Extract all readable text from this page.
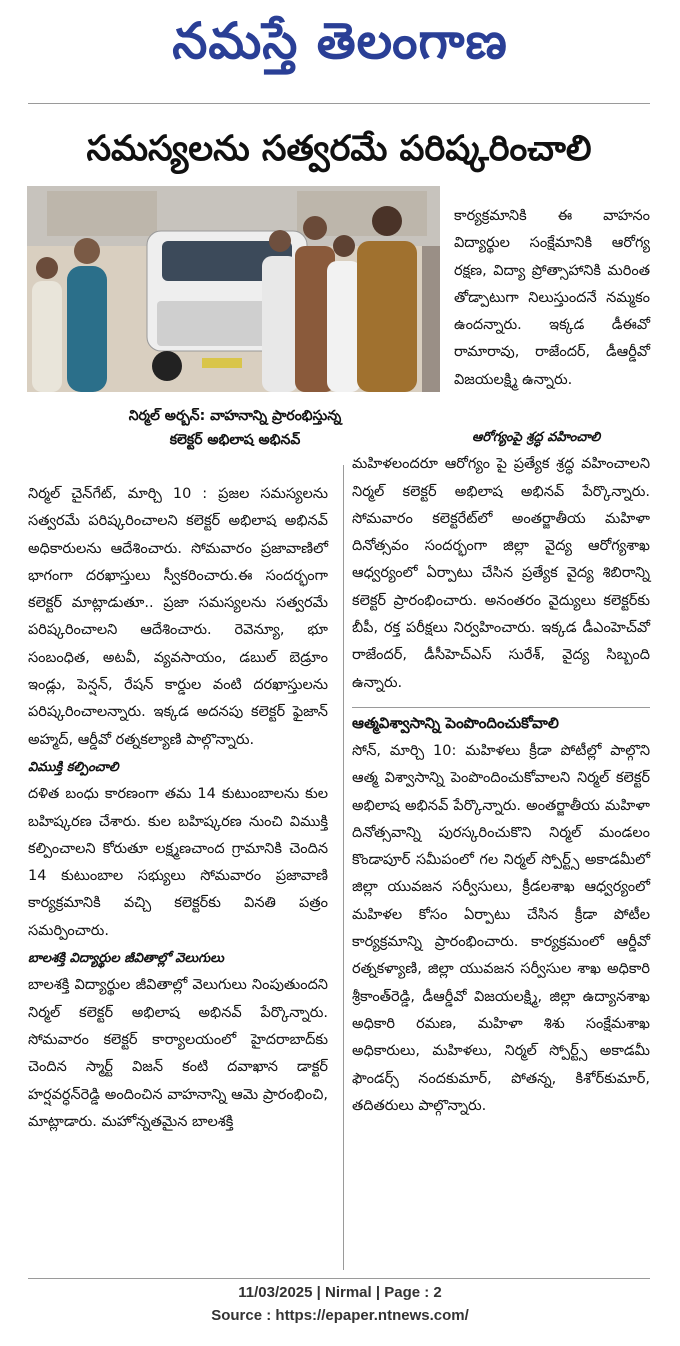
నమస్తే తెలంగాణ
సమస్యలను సత్వరమే పరిష్కరించాలి
నిర్మల్ అర్బన్: వాహనాన్ని ప్రారంభిస్తున్న
కలెక్టర్ అభిలాష అభినవ్

కార్యక్రమానికి ఈ వాహనం విద్యార్థుల సంక్షేమానికి ఆరోగ్య రక్షణ, విద్యా ప్రోత్సాహానికి మరింత తోడ్పాటుగా నిలుస్తుందనే నమ్మకం ఉందన్నారు. ఇక్కడ డీఈవో రామారావు, రాజేందర్, డీఆర్డీవో విజయలక్ష్మి ఉన్నారు.

నిర్మల్ చైన్‌గేట్, మార్చి 10 : ప్రజల సమస్యలను సత్వరమే పరిష్కరించాలని కలెక్టర్ అభిలాష అభినవ్ అధికారులను ఆదేశించారు. సోమవారం ప్రజావాణిలో భాగంగా దరఖాస్తులు స్వీకరించారు.ఈ సందర్భంగా కలెక్టర్ మాట్లాడుతూ.. ప్రజా సమస్యలను సత్వరమే పరిష్కరించాలని ఆదేశించారు. రెవెన్యూ, భూ సంబంధిత, అటవీ, వ్యవసాయం, డబుల్ బెడ్రూం ఇండ్లు, పెన్షన్, రేషన్ కార్డుల వంటి దరఖాస్తులను పరిష్కరించాలన్నారు. ఇక్కడ అదనపు కలెక్టర్ ఫైజాన్ అహ్మద్, ఆర్డీవో రత్నకల్యాణి పాల్గొన్నారు.

విముక్తి కల్పించాలి

దళిత బంధు కారణంగా తమ 14 కుటుంబాలను కుల బహిష్కరణ చేశారు. కుల బహిష్కరణ నుంచి విముక్తి కల్పించాలని కోరుతూ లక్ష్మణచాంద గ్రామానికి చెందిన 14 కుటుంబాల సభ్యులు సోమవారం ప్రజావాణి కార్యక్రమానికి వచ్చి కలెక్టర్‌కు వినతి పత్రం సమర్పించారు.

బాలశక్తి విద్యార్థుల జీవితాల్లో వెలుగులు

బాలశక్తి విద్యార్థుల జీవితాల్లో వెలుగులు నింపుతుందని నిర్మల్ కలెక్టర్ అభిలాష అభినవ్ పేర్కొన్నారు. సోమవారం కలెక్టర్ కార్యాలయంలో హైదరాబాద్‌కు చెందిన స్మార్ట్ విజన్ కంటి దవాఖాన డాక్టర్ హర్షవర్ధన్‌రెడ్డి అందించిన వాహనాన్ని ఆమె ప్రారంభించి, మాట్లాడారు. మహోన్నతమైన బాలశక్తి

ఆరోగ్యంపై శ్రద్ధ వహించాలి

మహిళలందరూ ఆరోగ్యం పై ప్రత్యేక శ్రద్ధ వహించాలని నిర్మల్ కలెక్టర్ అభిలాష అభినవ్ పేర్కొన్నారు. సోమవారం కలెక్టరేట్‌లో అంతర్జాతీయ మహిళా దినోత్సవం సందర్భంగా జిల్లా వైద్య ఆరోగ్యశాఖ ఆధ్వర్యంలో ఏర్పాటు చేసిన ప్రత్యేక వైద్య శిబిరాన్ని కలెక్టర్ ప్రారంభించారు. అనంతరం వైద్యులు కలెక్టర్‌కు బీపీ, రక్త పరీక్షలు నిర్వహించారు. ఇక్కడ డీఎంహెచ్‌వో రాజేందర్, డీసీహెచ్‌ఎస్ సురేశ్, వైద్య సిబ్బంది ఉన్నారు.

ఆత్మవిశ్వాసాన్ని పెంపొందించుకోవాలి

సోన్, మార్చి 10: మహిళలు క్రీడా పోటీల్లో పాల్గొని ఆత్మ విశ్వాసాన్ని పెంపొందించుకోవాలని నిర్మల్ కలెక్టర్ అభిలాష అభినవ్ పేర్కొన్నారు. అంతర్జాతీయ మహిళా దినోత్సవాన్ని పురస్కరించుకొని నిర్మల్ మండలం కొండాపూర్ సమీపంలో గల నిర్మల్ స్పోర్ట్స్ అకాడమీలో జిల్లా యువజన సర్వీసులు, క్రీడలశాఖ ఆధ్వర్యంలో మహిళల కోసం ఏర్పాటు చేసిన క్రీడా పోటీల కార్యక్రమాన్ని ప్రారంభించారు. కార్యక్రమంలో ఆర్డీవో రత్నకళ్యాణి, జిల్లా యువజన సర్వీసుల శాఖ అధికారి శ్రీకాంత్‌రెడ్డి, డీఆర్డీవో విజయలక్ష్మి, జిల్లా ఉద్యానశాఖ అధికారి రమణ, మహిళా శిశు సంక్షేమశాఖ అధికారులు, మహిళలు, నిర్మల్ స్పోర్ట్స్ అకాడమీ ఫౌండర్స్ నందకుమార్, పోతన్న, కిశోర్‌కుమార్, తదితరులు పాల్గొన్నారు.

11/03/2025 | Nirmal | Page : 2
Source : https://epaper.ntnews.com/
